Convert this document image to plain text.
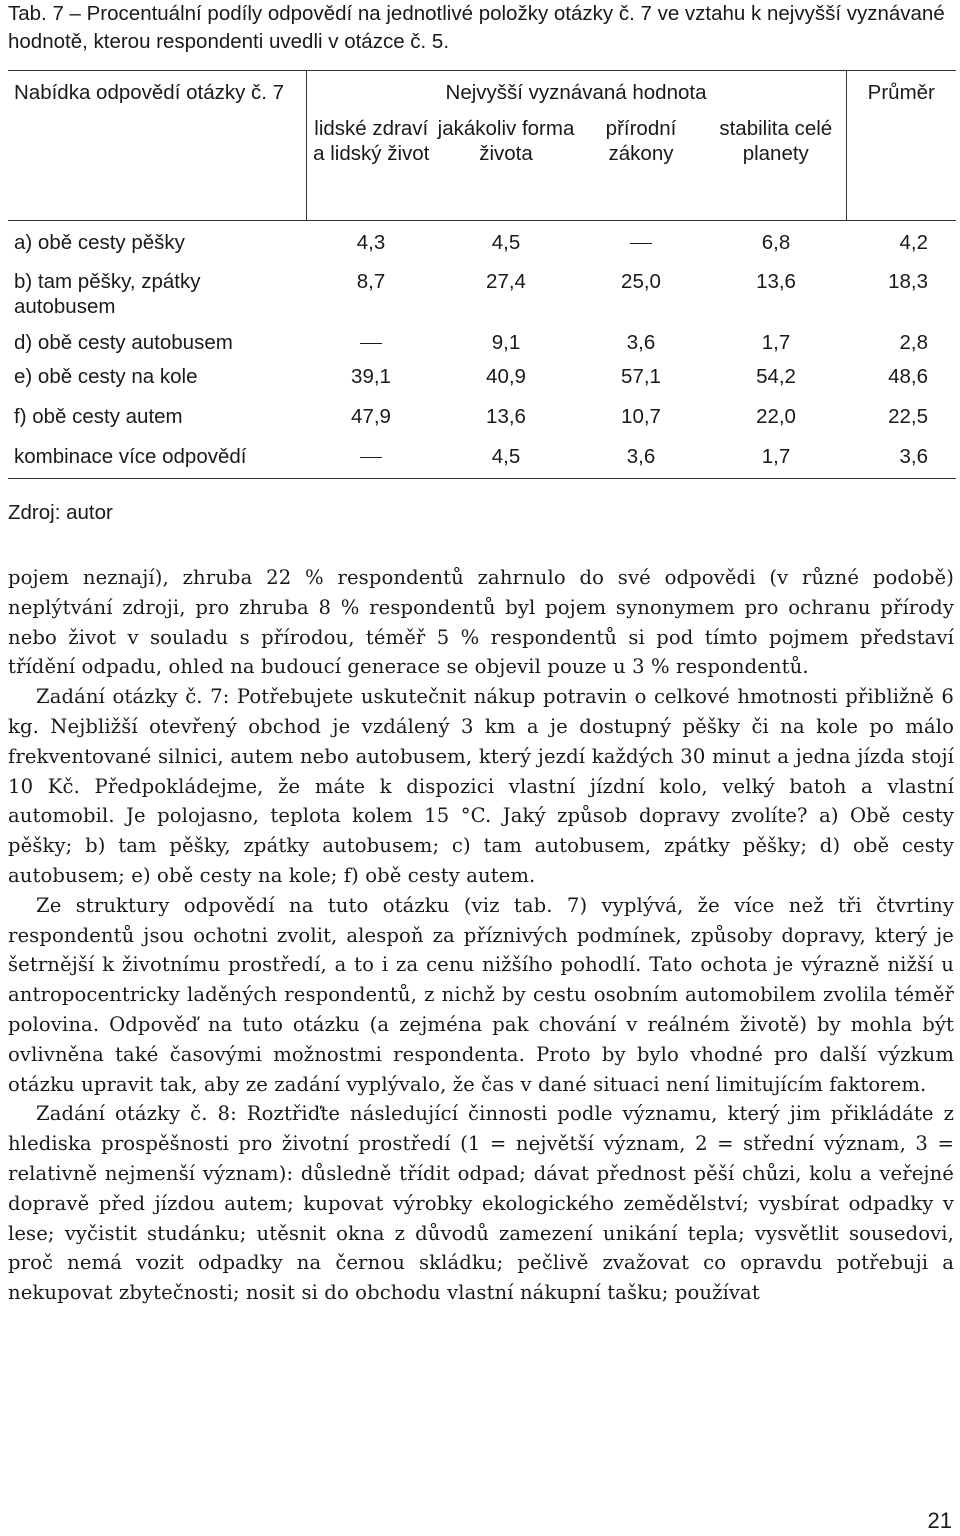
Tab. 7 – Procentuální podíly odpovědí na jednotlivé položky otázky č. 7 ve vztahu k nejvyšší vyznávané hodnotě, kterou respondenti uvedli v otázce č. 5.
Nabídka odpovědí otázky č. 7	Nejvyšší vyznávaná hodnota				Průměr
	lidské zdraví a lidský život	jakákoliv forma života	přírodní zákony	stabilita celé planety	
a) obě cesty pěšky	4,3	4,5		6,8	4,2
b) tam pěšky, zpátky autobusem	8,7	27,4	25,0	13,6	18,3
d) obě cesty autobusem		9,1	3,6	1,7	2,8
e) obě cesty na kole	39,1	40,9	57,1	54,2	48,6
f) obě cesty autem	47,9	13,6	10,7	22,0	22,5
kombinace více odpovědí		4,5	3,6	1,7	3,6
Zdroj: autor

pojem neznají), zhruba 22 % respondentů zahrnulo do své odpovědi (v různé podobě) neplýtvání zdroji, pro zhruba 8 % respondentů byl pojem synonymem pro ochranu přírody nebo život v souladu s přírodou, téměř 5 % respondentů si pod tímto pojmem představí třídění odpadu, ohled na budoucí generace se objevil pouze u 3 % respondentů.

Zadání otázky č. 7: Potřebujete uskutečnit nákup potravin o celkové hmotnosti přibližně 6 kg. Nejbližší otevřený obchod je vzdálený 3 km a je dostupný pěšky či na kole po málo frekventované silnici, autem nebo autobusem, který jezdí každých 30 minut a jedna jízda stojí 10 Kč. Předpokládejme, že máte k dispozici vlastní jízdní kolo, velký batoh a vlastní automobil. Je polojasno, teplota kolem 15 °C. Jaký způsob dopravy zvolíte? a) Obě cesty pěšky; b) tam pěšky, zpátky autobusem; c) tam autobusem, zpátky pěšky; d) obě cesty autobusem; e) obě cesty na kole; f) obě cesty autem.

Ze struktury odpovědí na tuto otázku (viz tab. 7) vyplývá, že více než tři čtvrtiny respondentů jsou ochotni zvolit, alespoň za příznivých podmínek, způsoby dopravy, který je šetrnější k životnímu prostředí, a to i za cenu nižšího pohodlí. Tato ochota je výrazně nižší u antropocentricky laděných respondentů, z nichž by cestu osobním automobilem zvolila téměř polovina. Odpověď na tuto otázku (a zejména pak chování v reálném životě) by mohla být ovlivněna také časovými možnostmi respondenta. Proto by bylo vhodné pro další výzkum otázku upravit tak, aby ze zadání vyplývalo, že čas v dané situaci není limitujícím faktorem.

Zadání otázky č. 8: Roztřiďte následující činnosti podle významu, který jim přikládáte z hlediska prospěšnosti pro životní prostředí (1 = největší význam, 2 = střední význam, 3 = relativně nejmenší význam): důsledně třídit odpad; dávat přednost pěší chůzi, kolu a veřejné dopravě před jízdou autem; kupovat výrobky ekologického zemědělství; vysbírat odpadky v lese; vyčistit studánku; utěsnit okna z důvodů zamezení unikání tepla; vysvětlit sousedovi, proč nemá vozit odpadky na černou skládku; pečlivě zvažovat co opravdu potřebuji a nekupovat zbytečnosti; nosit si do obchodu vlastní nákupní tašku; používat

21
